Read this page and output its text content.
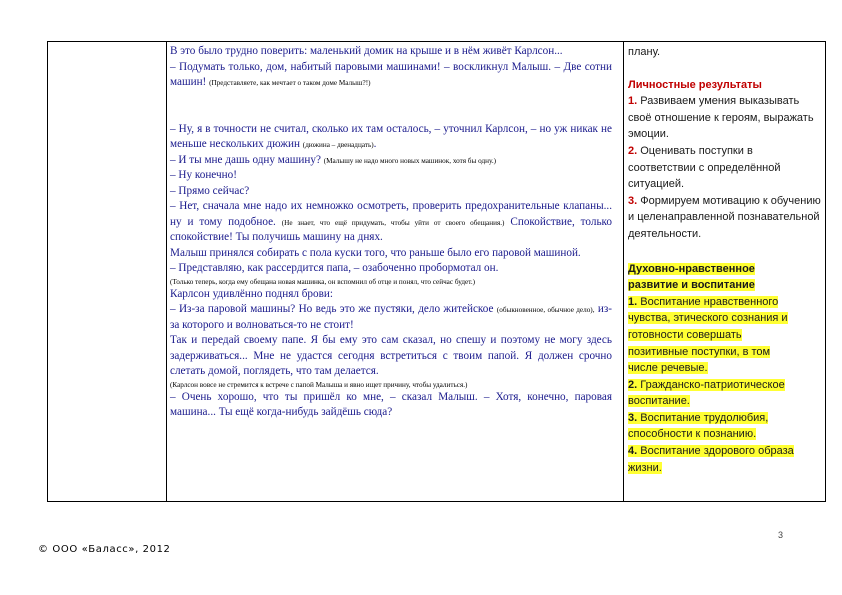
В это было трудно поверить: маленький домик на крыше и в нём живёт Карлсон...

– Подумать только, дом, набитый паровыми машинами! – воскликнул Малыш. – Две сотни машин! (Представляете, как мечтает о таком доме Малыш?!)

– Ну, я в точности не считал, сколько их там осталось, – уточнил Карлсон, – но уж никак не меньше нескольких дюжин (дюжина – двенадцать).

– И ты мне дашь одну машину? (Малышу не надо много новых машинок, хотя бы одну.)

– Ну конечно!

– Прямо сейчас?

– Нет, сначала мне надо их немножко осмотреть, проверить предохранительные клапаны... ну и тому подобное. (Не знает, что ещё придумать, чтобы уйти от своего обещания.) Спокойствие, только спокойствие! Ты получишь машину на днях.

Малыш принялся собирать с пола куски того, что раньше было его паровой машиной.

– Представляю, как рассердится папа, – озабоченно пробормотал он.

(Только теперь, когда ему обещана новая машинка, он вспомнил об отце и понял, что сейчас будет.)

Карлсон удивлённо поднял брови:

– Из-за паровой машины? Но ведь это же пустяки, дело житейское (обыкновенное, обычное дело), из-за которого и волноваться-то не стоит!

Так и передай своему папе. Я бы ему это сам сказал, но спешу и поэтому не могу здесь задерживаться... Мне не удастся сегодня встретиться с твоим папой. Я должен срочно слетать домой, поглядеть, что там делается.

(Карлсон вовсе не стремится к встрече с папой Малыша и явно ищет причину, чтобы удалиться.)

– Очень хорошо, что ты пришёл ко мне, – сказал Малыш. – Хотя, конечно, паровая машина... Ты ещё когда-нибудь зайдёшь сюда?

плану.

Личностные результаты

1. Развиваем умения выказывать своё отношение к героям, выражать эмоции.

2. Оценивать поступки в соответствии с определённой ситуацией.

3. Формируем мотивацию к обучению и целенаправленной познавательной деятельности.

Духовно-нравственное
развитие и воспитание

1. Воспитание нравственного
чувства, этического сознания и
готовности совершать
позитивные поступки, в том
числе речевые.

2. Гражданско-патриотическое
воспитание.

3. Воспитание трудолюбия,
способности к познанию.

4. Воспитание здорового образа
жизни.

3
© ООО «Баласс», 2012
